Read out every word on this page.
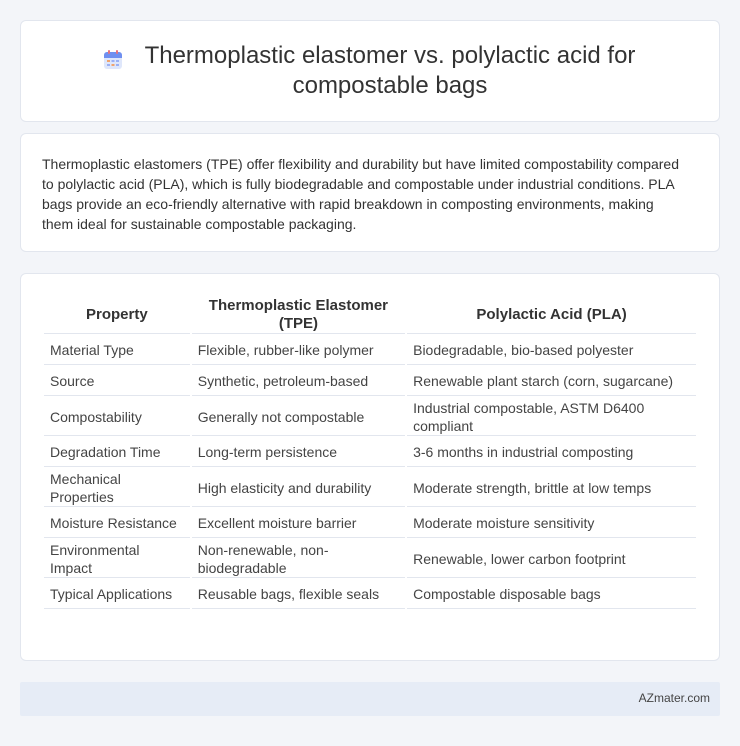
Thermoplastic elastomer vs. polylactic acid for compostable bags

Thermoplastic elastomers (TPE) offer flexibility and durability but have limited compostability compared to polylactic acid (PLA), which is fully biodegradable and compostable under industrial conditions. PLA bags provide an eco-friendly alternative with rapid breakdown in composting environments, making them ideal for sustainable compostable packaging.

Property	Thermoplastic Elastomer (TPE)	Polylactic Acid (PLA)
Material Type	Flexible, rubber-like polymer	Biodegradable, bio-based polyester
Source	Synthetic, petroleum-based	Renewable plant starch (corn, sugarcane)
Compostability	Generally not compostable	Industrial compostable, ASTM D6400 compliant
Degradation Time	Long-term persistence	3-6 months in industrial composting
Mechanical Properties	High elasticity and durability	Moderate strength, brittle at low temps
Moisture Resistance	Excellent moisture barrier	Moderate moisture sensitivity
Environmental Impact	Non-renewable, non-biodegradable	Renewable, lower carbon footprint
Typical Applications	Reusable bags, flexible seals	Compostable disposable bags
AZmater.com
